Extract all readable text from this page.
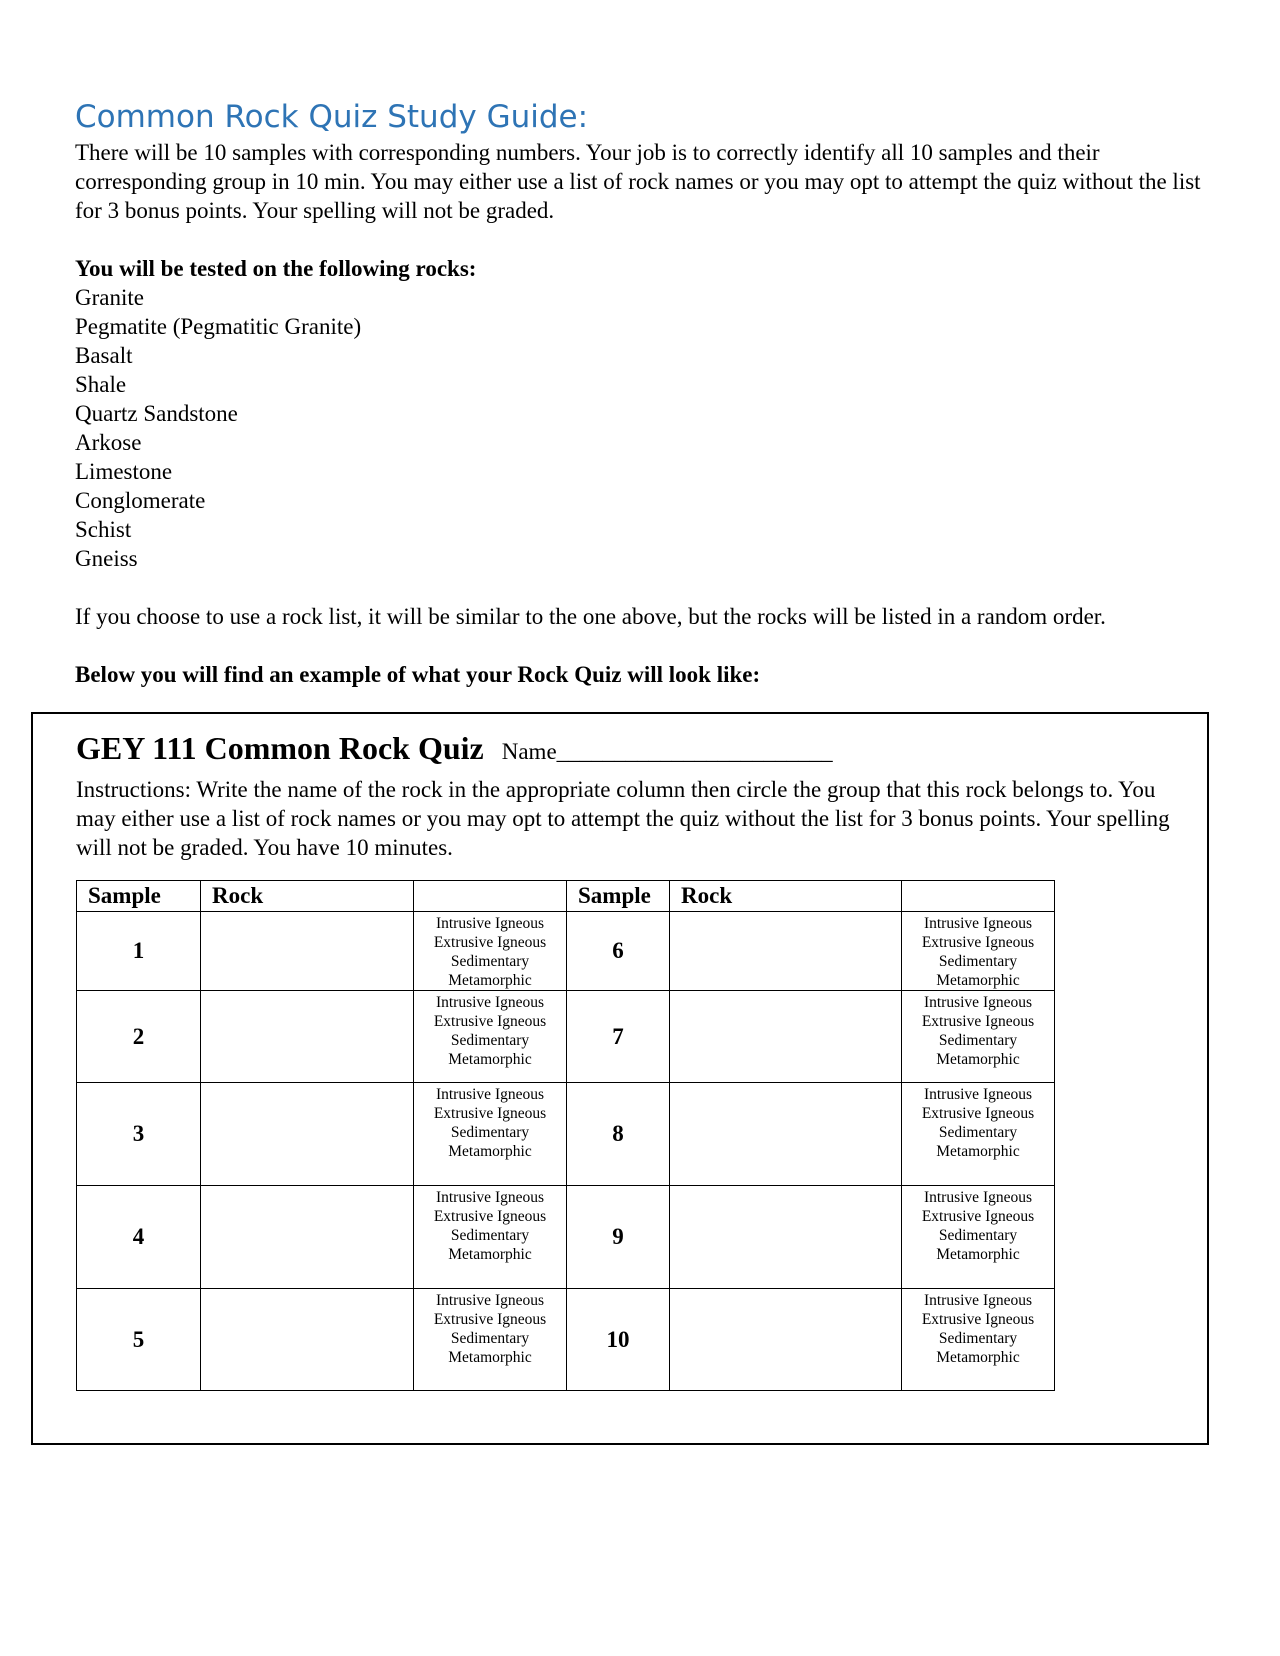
Common Rock Quiz Study Guide:

There will be 10 samples with corresponding numbers. Your job is to correctly identify all 10 samples and their corresponding group in 10 min. You may either use a list of rock names or you may opt to attempt the quiz without the list for 3 bonus points. Your spelling will not be graded.

You will be tested on the following rocks:

Granite
Pegmatite (Pegmatitic Granite)
Basalt
Shale
Quartz Sandstone
Arkose
Limestone
Conglomerate
Schist
Gneiss

If you choose to use a rock list, it will be similar to the one above, but the rocks will be listed in a random order.

Below you will find an example of what your Rock Quiz will look like:

GEY 111 Common Rock Quiz Name________________________

Instructions: Write the name of the rock in the appropriate column then circle the group that this rock belongs to. You may either use a list of rock names or you may opt to attempt the quiz without the list for 3 bonus points. Your spelling will not be graded. You have 10 minutes.

Sample	Rock		Sample	Rock	
1		Intrusive Igneous
Extrusive Igneous
Sedimentary
Metamorphic	6		Intrusive Igneous
Extrusive Igneous
Sedimentary
Metamorphic

2		Intrusive Igneous
Extrusive Igneous
Sedimentary
Metamorphic	7		Intrusive Igneous
Extrusive Igneous
Sedimentary
Metamorphic

3		Intrusive Igneous
Extrusive Igneous
Sedimentary
Metamorphic	8		Intrusive Igneous
Extrusive Igneous
Sedimentary
Metamorphic

4		Intrusive Igneous
Extrusive Igneous
Sedimentary
Metamorphic	9		Intrusive Igneous
Extrusive Igneous
Sedimentary
Metamorphic

5		Intrusive Igneous
Extrusive Igneous
Sedimentary
Metamorphic	10		Intrusive Igneous
Extrusive Igneous
Sedimentary
Metamorphic
